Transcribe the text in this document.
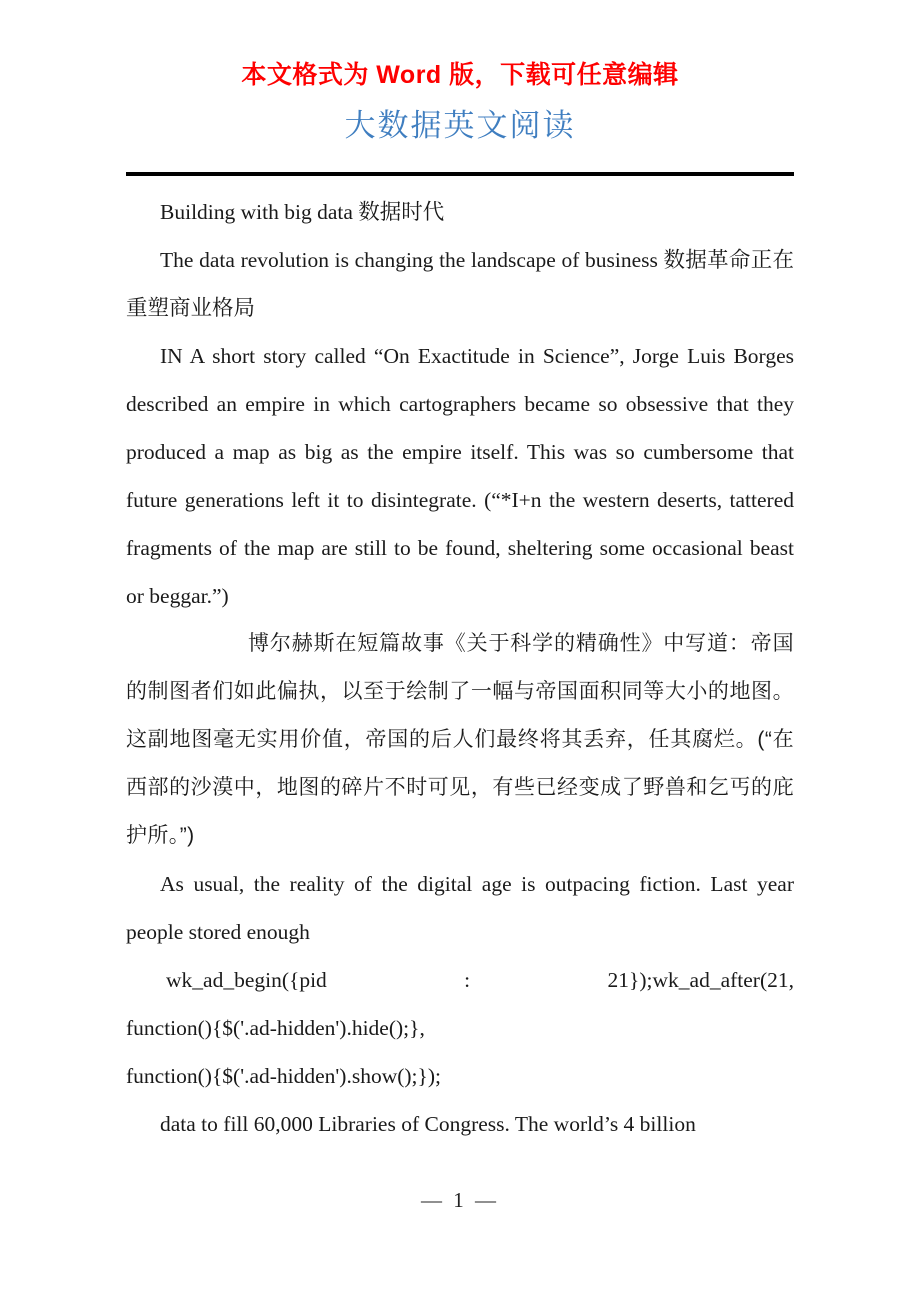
本文格式为 Word 版，下载可任意编辑
大数据英文阅读

Building with big data 数据时代

The data revolution is changing the landscape of business 数据革命正在重塑商业格局

IN A short story called “On Exactitude in Science”, Jorge Luis Borges described an empire in which cartographers became so obsessive that they produced a map as big as the empire itself. This was so cumbersome that future generations left it to disintegrate. (“*I+n the western deserts, tattered fragments of the map are still to be found, sheltering some occasional beast or beggar.”)

博尔赫斯在短篇故事《关于科学的精确性》中写道：帝国的制图者们如此偏执，以至于绘制了一幅与帝国面积同等大小的地图。这副地图毫无实用价值，帝国的后人们最终将其丢弃，任其腐烂。(“在西部的沙漠中，地图的碎片不时可见，有些已经变成了野兽和乞丐的庇护所。”)

As usual, the reality of the digital age is outpacing fiction. Last year people stored enough

wk_ad_begin({pid : 21});wk_ad_after(21,

function(){$('.ad-hidden').hide();},

function(){$('.ad-hidden').show();});

data to fill 60,000 Libraries of Congress. The world’s 4 billion

— 1 —
